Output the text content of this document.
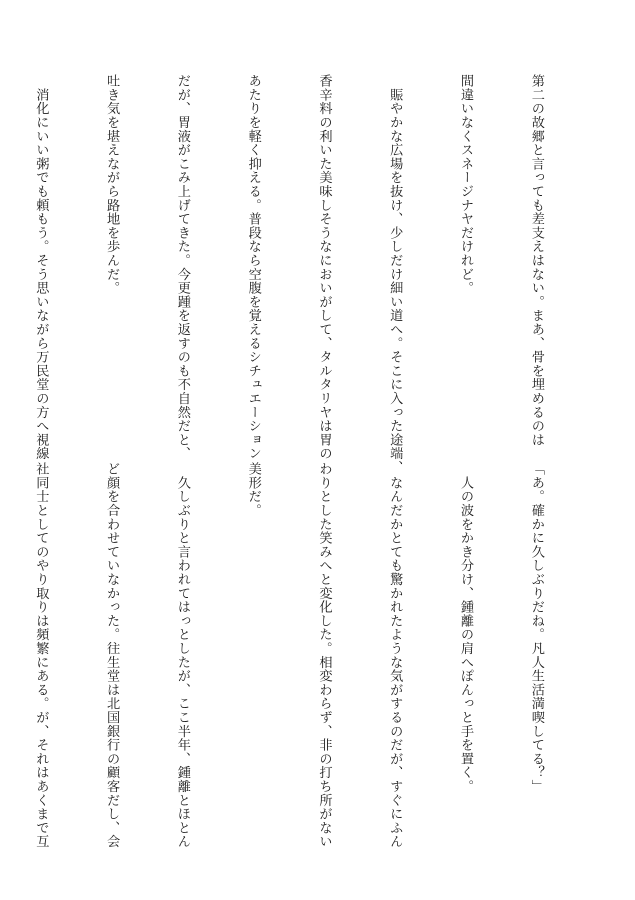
第二の故郷と言っても差支えはない。まあ、骨を埋めるのは

間違いなくスネージナヤだけれど。

　賑やかな広場を抜け、少しだけ細い道へ。そこに入った途端、

香辛料の利いた美味しそうなにおいがして、タルタリヤは胃の

あたりを軽く抑える。普段なら空腹を覚えるシチュエーション

だが、胃液がこみ上げてきた。今更踵を返すのも不自然だと、

吐き気を堪えながら路地を歩んだ。

　消化にいい粥でも頼もう。そう思いながら万民堂の方へ視線

「あ。確かに久しぶりだね。凡人生活満喫してる？」

　人の波をかき分け、鍾離の肩へぽんっと手を置く。

　なんだかとても驚かれたような気がするのだが、すぐにふん

わりとした笑みへと変化した。相変わらず、非の打ち所がない

美形だ。

　久しぶりと言われてはっとしたが、ここ半年、鍾離とほとん

ど顔を合わせていなかった。往生堂は北国銀行の顧客だし、会

社同士としてのやり取りは頻繁にある。が、それはあくまで互
